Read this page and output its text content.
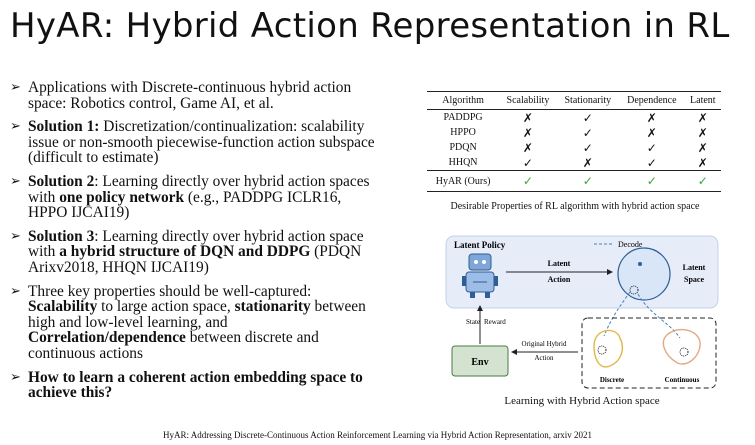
HyAR: Hybrid Action Representation in RL
➢ Applications with Discrete-continuous hybrid action space: Robotics control, Game AI, et al.
➢ Solution 1: Discretization/continualization: scalability issue or non-smooth piecewise-function action subspace (difficult to estimate)
➢ Solution 2: Learning directly over hybrid action spaces with one policy network (e.g., PADDPG ICLR16, HPPO IJCAI19)
➢ Solution 3: Learning directly over hybrid action space with a hybrid structure of DQN and DDPG (PDQN Arixv2018, HHQN IJCAI19)
➢ Three key properties should be well-captured: Scalability to large action space, stationarity between high and low-level learning, and Correlation/dependence between discrete and continuous actions
➢ How to learn a coherent action embedding space to achieve this?
Algorithm	Scalability	Stationarity	Dependence	Latent
PADDPG	✗	✓	✗	✗
HPPO	✗	✓	✗	✗
PDQN	✗	✓	✓	✗
HHQN	✓	✗	✓	✗
HyAR (Ours)	✓	✓	✓	✓
Desirable Properties of RL algorithm with hybrid action space
Latent Policy	Decode
Latent
Action
Latent
Space
State Reward
Env
Original Hybrid
Action
Discrete	Continuous
Learning with Hybrid Action space
HyAR: Addressing Discrete-Continuous Action Reinforcement Learning via Hybrid Action Representation, arxiv 2021
